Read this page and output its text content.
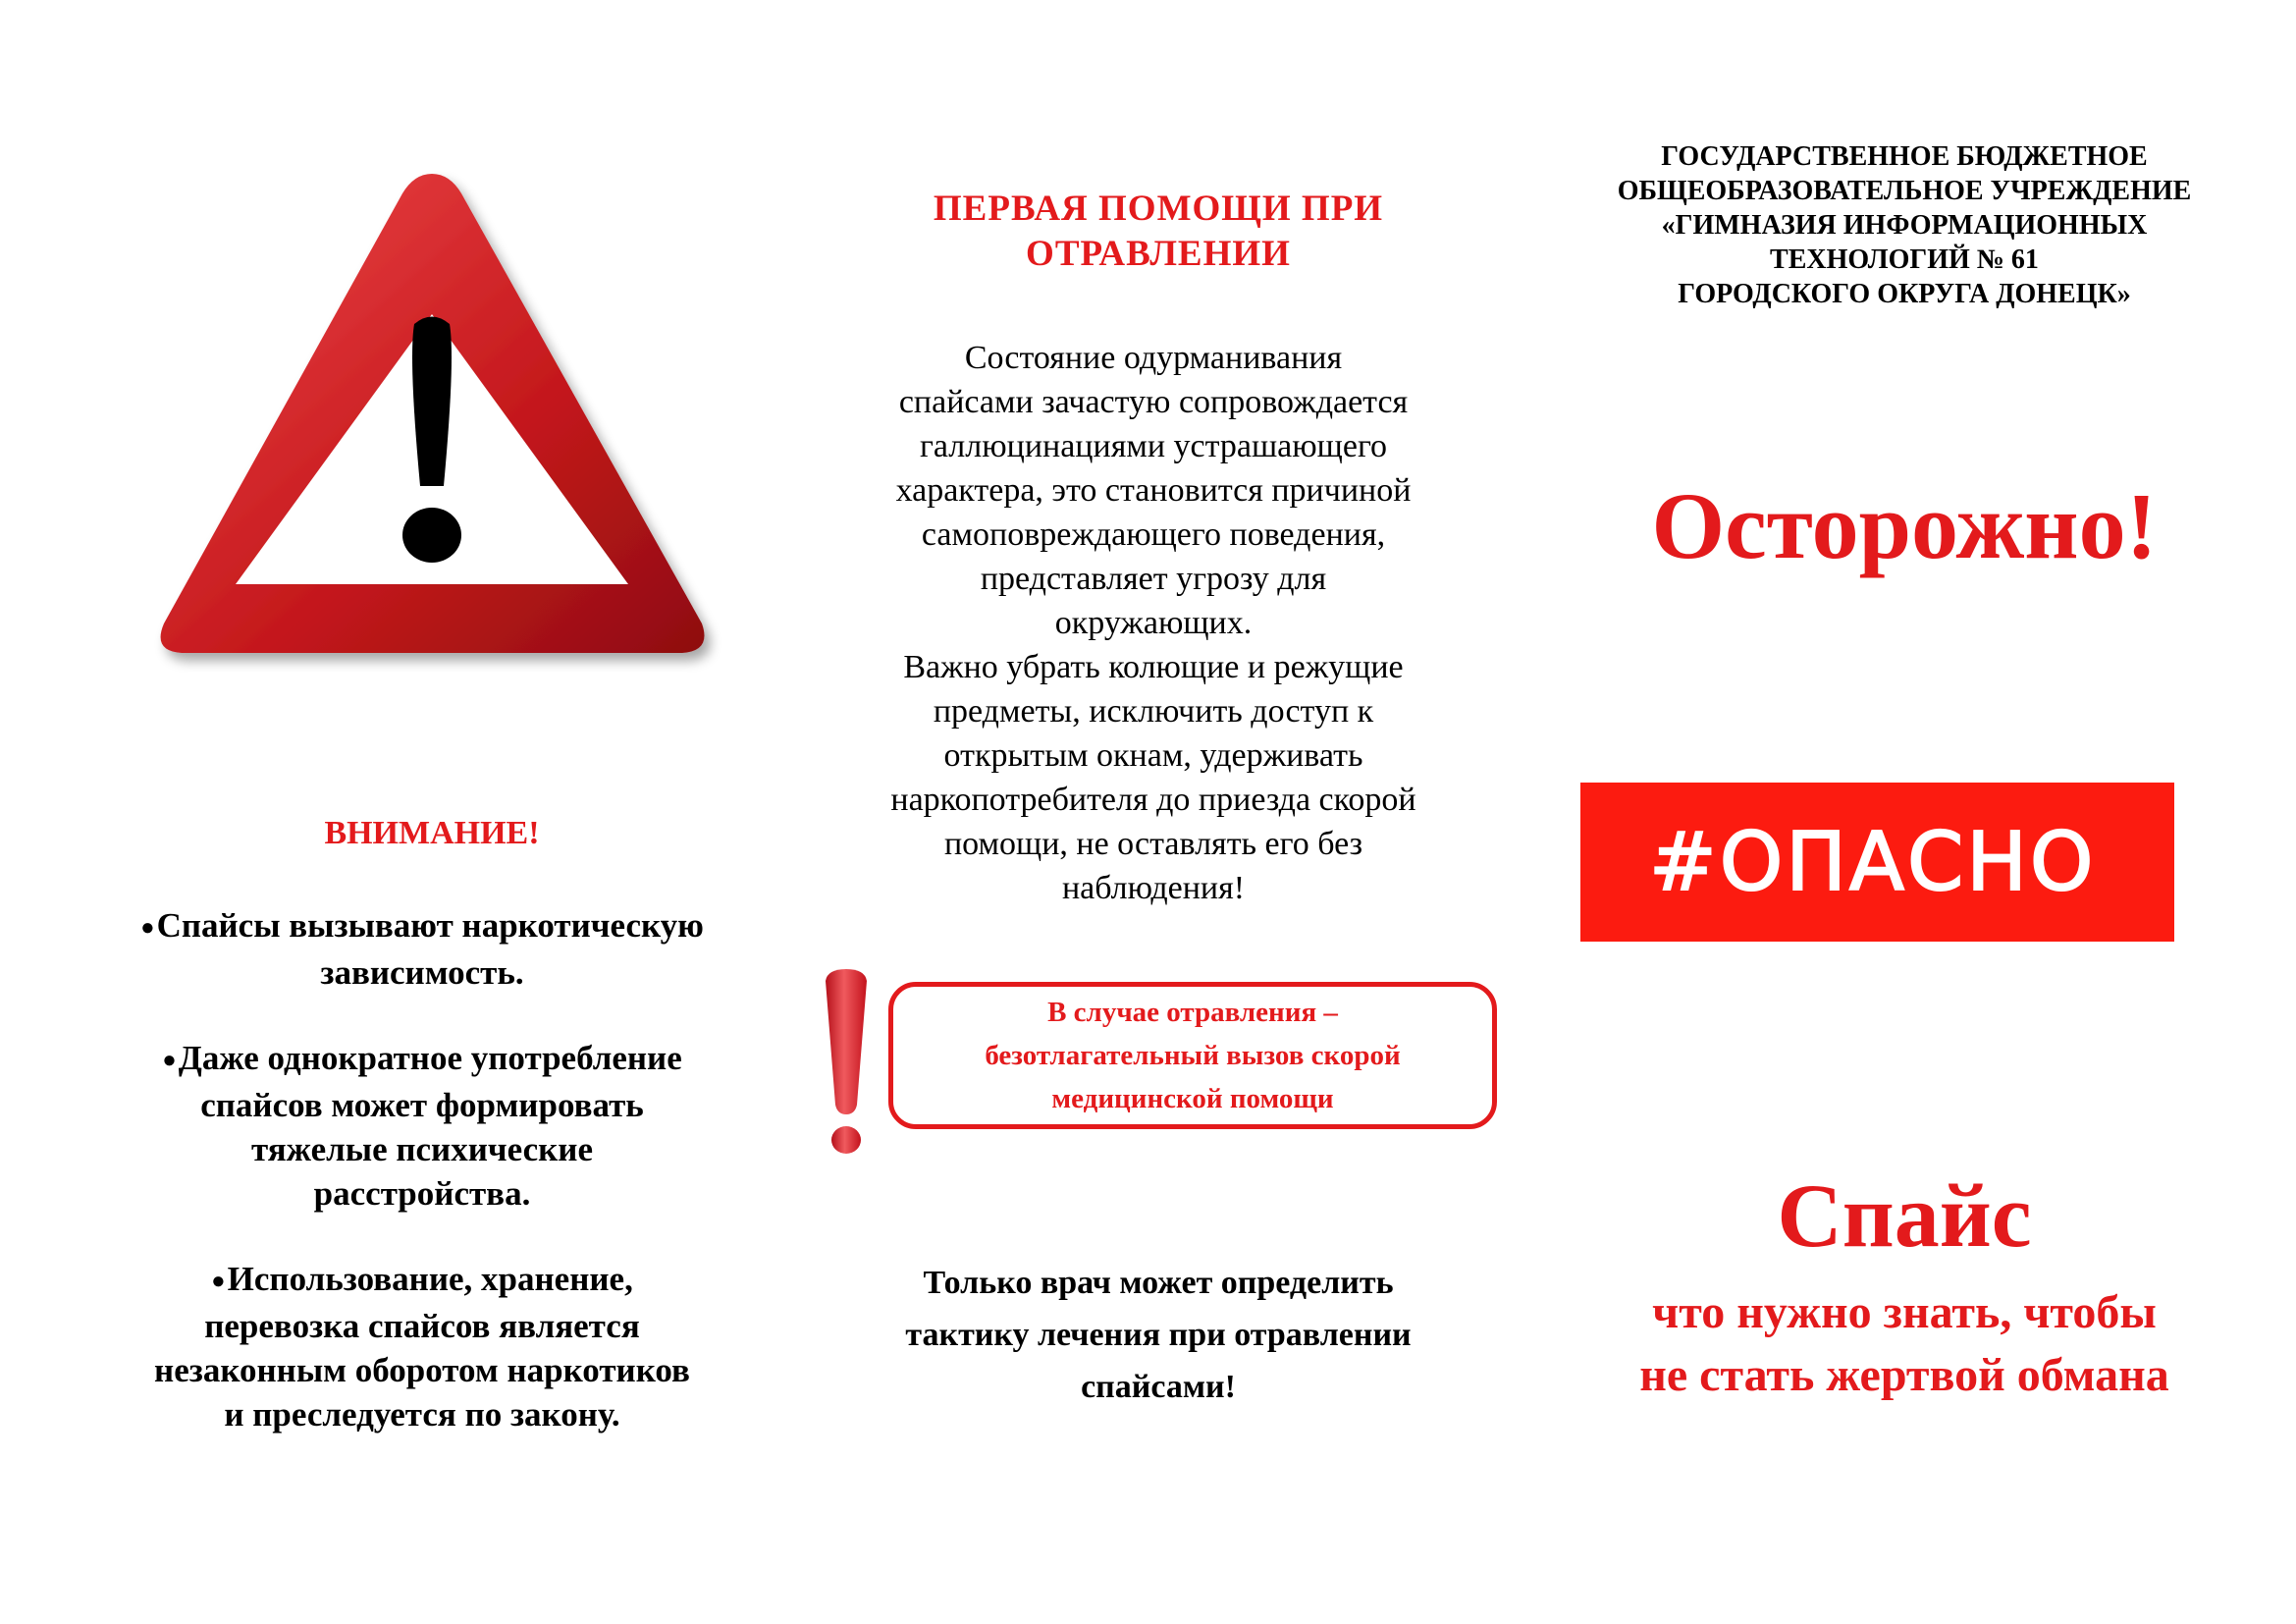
ВНИМАНИЕ!
●Спайсы вызывают наркотическую
зависимость.
●Даже однократное употребление
спайсов может формировать
тяжелые психические
расстройства.
●Использование, хранение,
перевозка спайсов является
незаконным оборотом наркотиков
и преследуется по закону.
ПЕРВАЯ ПОМОЩИ ПРИ
ОТРАВЛЕНИИ
Состояние одурманивания
спайсами зачастую сопровождается
галлюцинациями устрашающего
характера, это становится причиной
самоповреждающего поведения,
представляет угрозу для
окружающих.
Важно убрать колющие и режущие
предметы, исключить доступ к
открытым окнам, удерживать
наркопотребителя до приезда скорой
помощи, не оставлять его без
наблюдения!
В случае отравления –
безотлагательный вызов скорой
медицинской помощи
Только врач может определить
тактику лечения при отравлении
спайсами!
ГОСУДАРСТВЕННОЕ БЮДЖЕТНОЕ
ОБЩЕОБРАЗОВАТЕЛЬНОЕ УЧРЕЖДЕНИЕ
«ГИМНАЗИЯ ИНФОРМАЦИОННЫХ
ТЕХНОЛОГИЙ № 61
ГОРОДСКОГО ОКРУГА ДОНЕЦК»
Осторожно!
#ОПАСНО
Спайс
что нужно знать, чтобы
не стать жертвой обмана
